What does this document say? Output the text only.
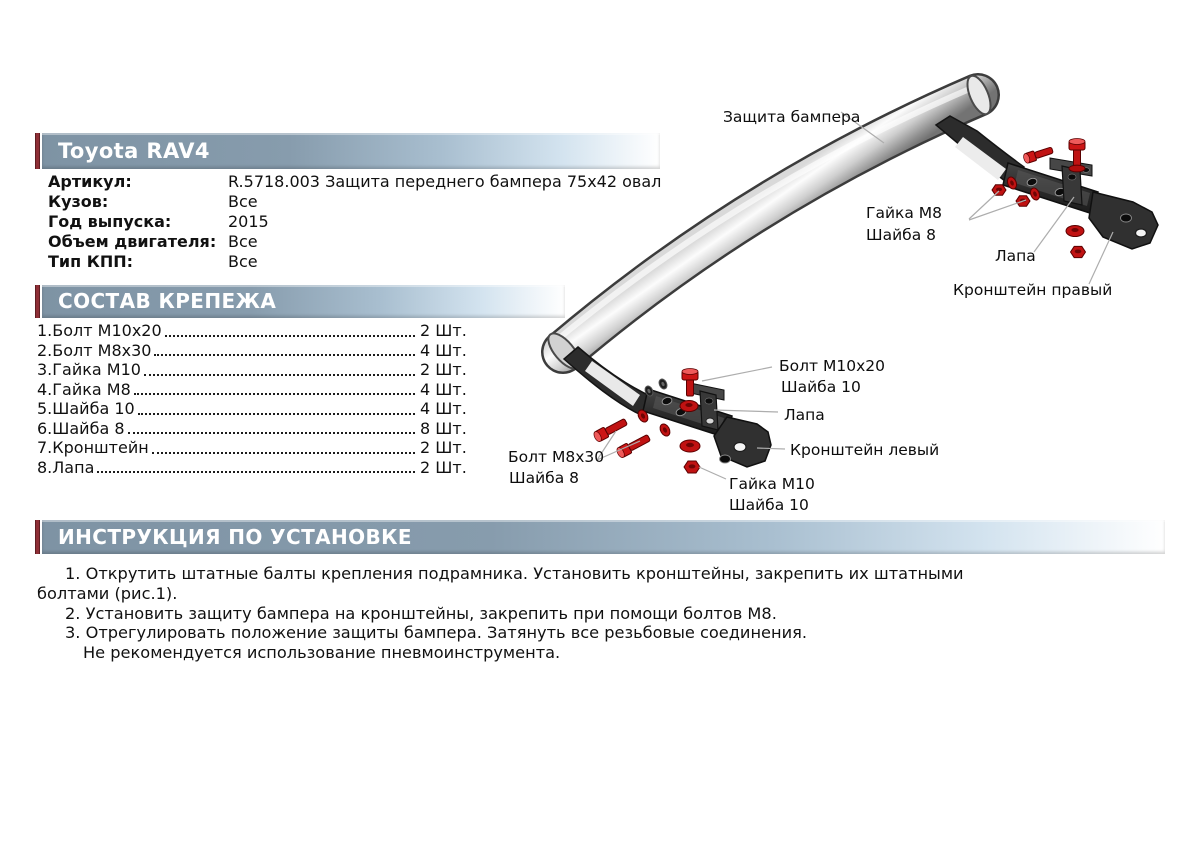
Toyota RAV4
Артикул:	R.5718.003 Защита переднего бампера 75х42 овал
Кузов:	Все
Год выпуска:	2015
Объем двигателя: Все
Тип КПП:	Все
СОСТАВ КРЕПЕЖА
1.Болт М10х20	2 Шт.
2.Болт М8х30	4 Шт.
3.Гайка М10	2 Шт.
4.Гайка М8	4 Шт.
5.Шайба 10	4 Шт.
6.Шайба 8	8 Шт.
7.Кронштейн	2 Шт.
8.Лапа	2 Шт.
ИНСТРУКЦИЯ ПО УСТАНОВКЕ
1. Открутить штатные балты крепления подрамника. Установить кронштейны, закрепить их штатными
болтами (рис.1).
2. Установить защиту бампера на кронштейны, закрепить при помощи болтов М8.
3. Отрегулировать положение защиты бампера. Затянуть все резьбовые соединения.
Не рекомендуется использование пневмоинструмента.
Защита бампера
Гайка М8
Шайба 8
Лапа
Кронштейн правый
Болт М10х20
Шайба 10
Лапа
Кронштейн левый
Болт М8х30
Шайба 8	Гайка М10
Шайба 10
